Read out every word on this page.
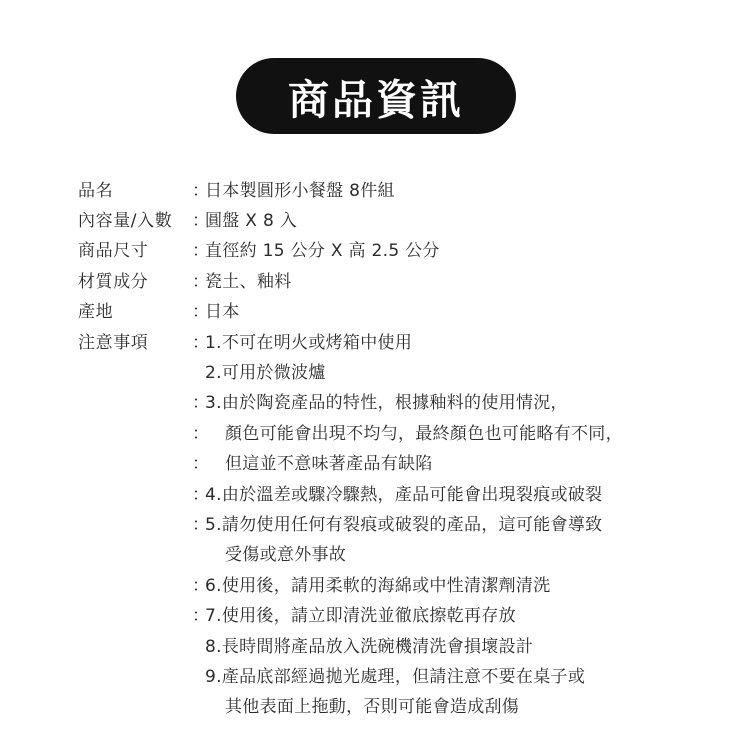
商品資訊
品名	：
日本製圓形小餐盤 8件組
內容量/入數	：
圓盤 X 8 入
商品尺寸	：
直徑約 15 公分 X 高 2.5 公分
材質成分	：
瓷土、釉料
產地	：
日本
注意事項	：
1.不可在明火或烤箱中使用
2.可用於微波爐
：
3.由於陶瓷產品的特性，根據釉料的使用情況，
： 顏色可能會出現不均勻，最終顏色也可能略有不同，
： 但這並不意味著產品有缺陷
：
4.由於溫差或驟冷驟熱，產品可能會出現裂痕或破裂
：
5.請勿使用任何有裂痕或破裂的產品，這可能會導致
受傷或意外事故
：
6.使用後，請用柔軟的海綿或中性清潔劑清洗
：
7.使用後，請立即清洗並徹底擦乾再存放
8.長時間將產品放入洗碗機清洗會損壞設計
9.產品底部經過拋光處理，但請注意不要在桌子或
其他表面上拖動，否則可能會造成刮傷
